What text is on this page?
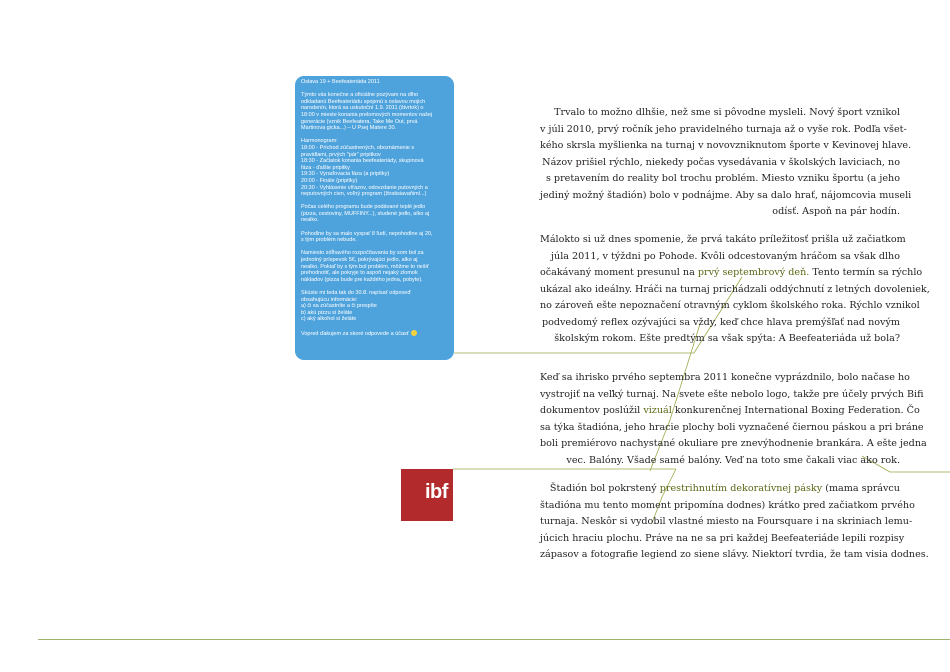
Oslava 19 + Beefeateriáda 2011

Týmto vás konečne a oficiálne pozývam na dlho
odkladanú Beefeateriádu spojenú s oslavou mojich
narodenín, ktorá sa uskutoční 1.9. 2011 (štvrtok) o
18:00 v mieste konania prelomových momentov našej
generácie (vznik Beefeatera, Take Me Out, prvá
Martinova gicka...) – U Psej Matere 30.

Harmonogram:
18:00 - Príchod zúčastnených, oboznámenie s
pravidlami, prvých "pár" pripitkov
18:30 - Začiatok konania beefeateriády, skupinová
fáza - ďalšie pripitky
19:30 - Vyraďovacia fáza (a pripitky)
20:00 - Finále (pripitky)
20:30 - Vyhlásenie víťazov, odovzdanie putovných a
neputovných cien, voľný program (žiratisiavaňiml...)

Počas celého programu bude podávané teplé jedlo
(pizza, cestoviny, MUFFINY...), studené jedlo, alko aj
nealko.

Pohodlne by sa malo vyspať 8 ľudí, nepohodlne aj 20,
s tým problém nebude.

Namiesto zdĺhavého rozpočítavania by som bol za
jednotný príspevok 5€, pokrývajúci jedlo, alko aj
nealko. Pokiaľ by s tým bol problém, môžme to riešiť
prehodnotiť, ale pokryje to aspoň nejaký zlomok
nákladov (pizza bude pre každého jedna, pobyte).

Skúste mi teda tak do 30.8. napísať odpoveď
obsahujúcu informácie:
a) či sa zúčastníte a či prespíte
b) akú pizzu si želáte
c) aký alkohol si želáte

Vopred ďakujem za skoré odpovede a účasť

Trvalo to možno dlhšie, než sme si pôvodne mysleli. Nový šport vznikol
v júli 2010, prvý ročník jeho pravidelného turnaja až o vyše rok. Podľa všet-
kého skrsla myšlienka na turnaj v novovzniknutom športe v Kevinovej hlave.
Názov prišiel rýchlo, niekedy počas vysedávania v školských laviciach, no
s pretavením do reality bol trochu problém. Miesto vzniku športu (a jeho
jediný možný štadión) bolo v podnájme. Aby sa dalo hrať, nájomcovia museli
odísť. Aspoň na pár hodín.

Málokto si už dnes spomenie, že prvá takáto príležitosť prišla už začiatkom
júla 2011, v týždni po Pohode. Kvôli odcestovaným hráčom sa však dlho
očakávaný moment presunul na prvý septembrový deň. Tento termín sa rýchlo
ukázal ako ideálny. Hráči na turnaj prichádzali oddýchnutí z letných dovoleniek,
no zároveň ešte nepoznačení otravným cyklom školského roka. Rýchlo vznikol
podvedomý reflex ozývajúci sa vždy, keď chce hlava premýšľať nad novým
školským rokom. Ešte predtým sa však spýta: A Beefeateriáda už bola?

Keď sa ihrisko prvého septembra 2011 konečne vyprázdnilo, bolo načase ho
vystrojiť na veľký turnaj. Na svete ešte nebolo logo, takže pre účely prvých Bifi
dokumentov poslúžil vizuál konkurenčnej International Boxing Federation. Čo
sa týka štadióna, jeho hracie plochy boli vyznačené čiernou páskou a pri bráne
boli premiérovo nachystané okuliare pre znevýhodnenie brankára. A ešte jedna
vec. Balóny. Všade samé balóny. Veď na toto sme čakali viac ako rok.

ibf	Štadión bol pokrstený prestrihnutím dekoratívnej pásky (mama správcu
štadióna mu tento moment pripomína dodnes) krátko pred začiatkom prvého
turnaja. Neskôr si vydobil vlastné miesto na Foursquare i na skriniach lemu-
júcich hraciu plochu. Práve na ne sa pri každej Beefeateriáde lepili rozpisy
zápasov a fotografie legiend zo siene slávy. Niektorí tvrdia, že tam visia dodnes.
